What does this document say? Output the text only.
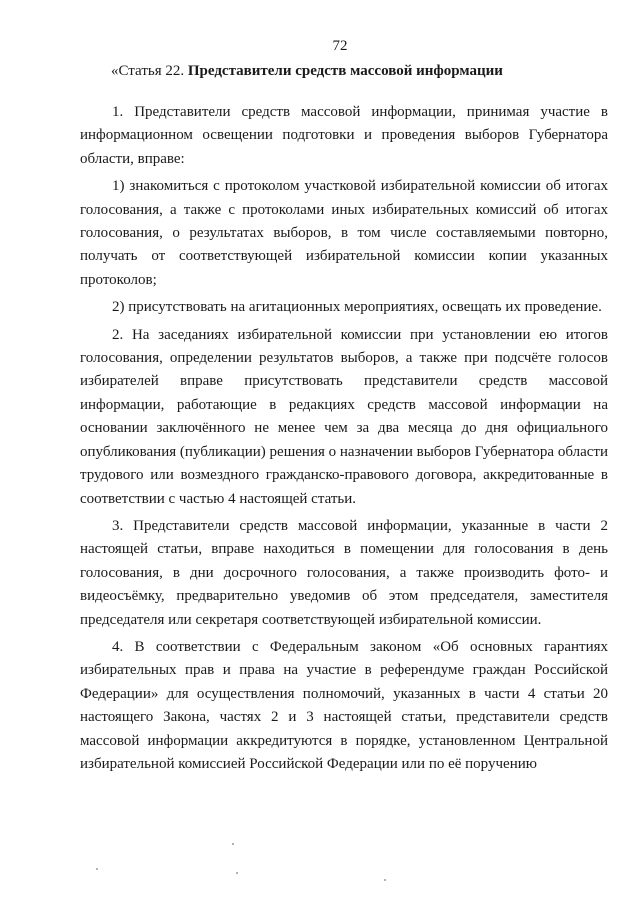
72
«Статья 22. Представители средств массовой информации

1. Представители средств массовой информации, принимая участие в информационном освещении подготовки и проведения выборов Губернатора области, вправе:

1) знакомиться с протоколом участковой избирательной комиссии об итогах голосования, а также с протоколами иных избирательных комиссий об итогах голосования, о результатах выборов, в том числе составляемыми повторно, получать от соответствующей избирательной комиссии копии указанных протоколов;

2) присутствовать на агитационных мероприятиях, освещать их проведение.

2. На заседаниях избирательной комиссии при установлении ею итогов голосования, определении результатов выборов, а также при подсчёте голосов избирателей вправе присутствовать представители средств массовой информации, работающие в редакциях средств массовой информации на основании заключённого не менее чем за два месяца до дня официального опубликования (публикации) решения о назначении выборов Губернатора области трудового или возмездного гражданско-правового договора, аккредитованные в соответствии с частью 4 настоящей статьи.

3. Представители средств массовой информации, указанные в части 2 настоящей статьи, вправе находиться в помещении для голосования в день голосования, в дни досрочного голосования, а также производить фото- и видеосъёмку, предварительно уведомив об этом председателя, заместителя председателя или секретаря соответствующей избирательной комиссии.

4. В соответствии с Федеральным законом «Об основных гарантиях избирательных прав и права на участие в референдуме граждан Российской Федерации» для осуществления полномочий, указанных в части 4 статьи 20 настоящего Закона, частях 2 и 3 настоящей статьи, представители средств массовой информации аккредитуются в порядке, установленном Центральной избирательной комиссией Российской Федерации или по её поручению
